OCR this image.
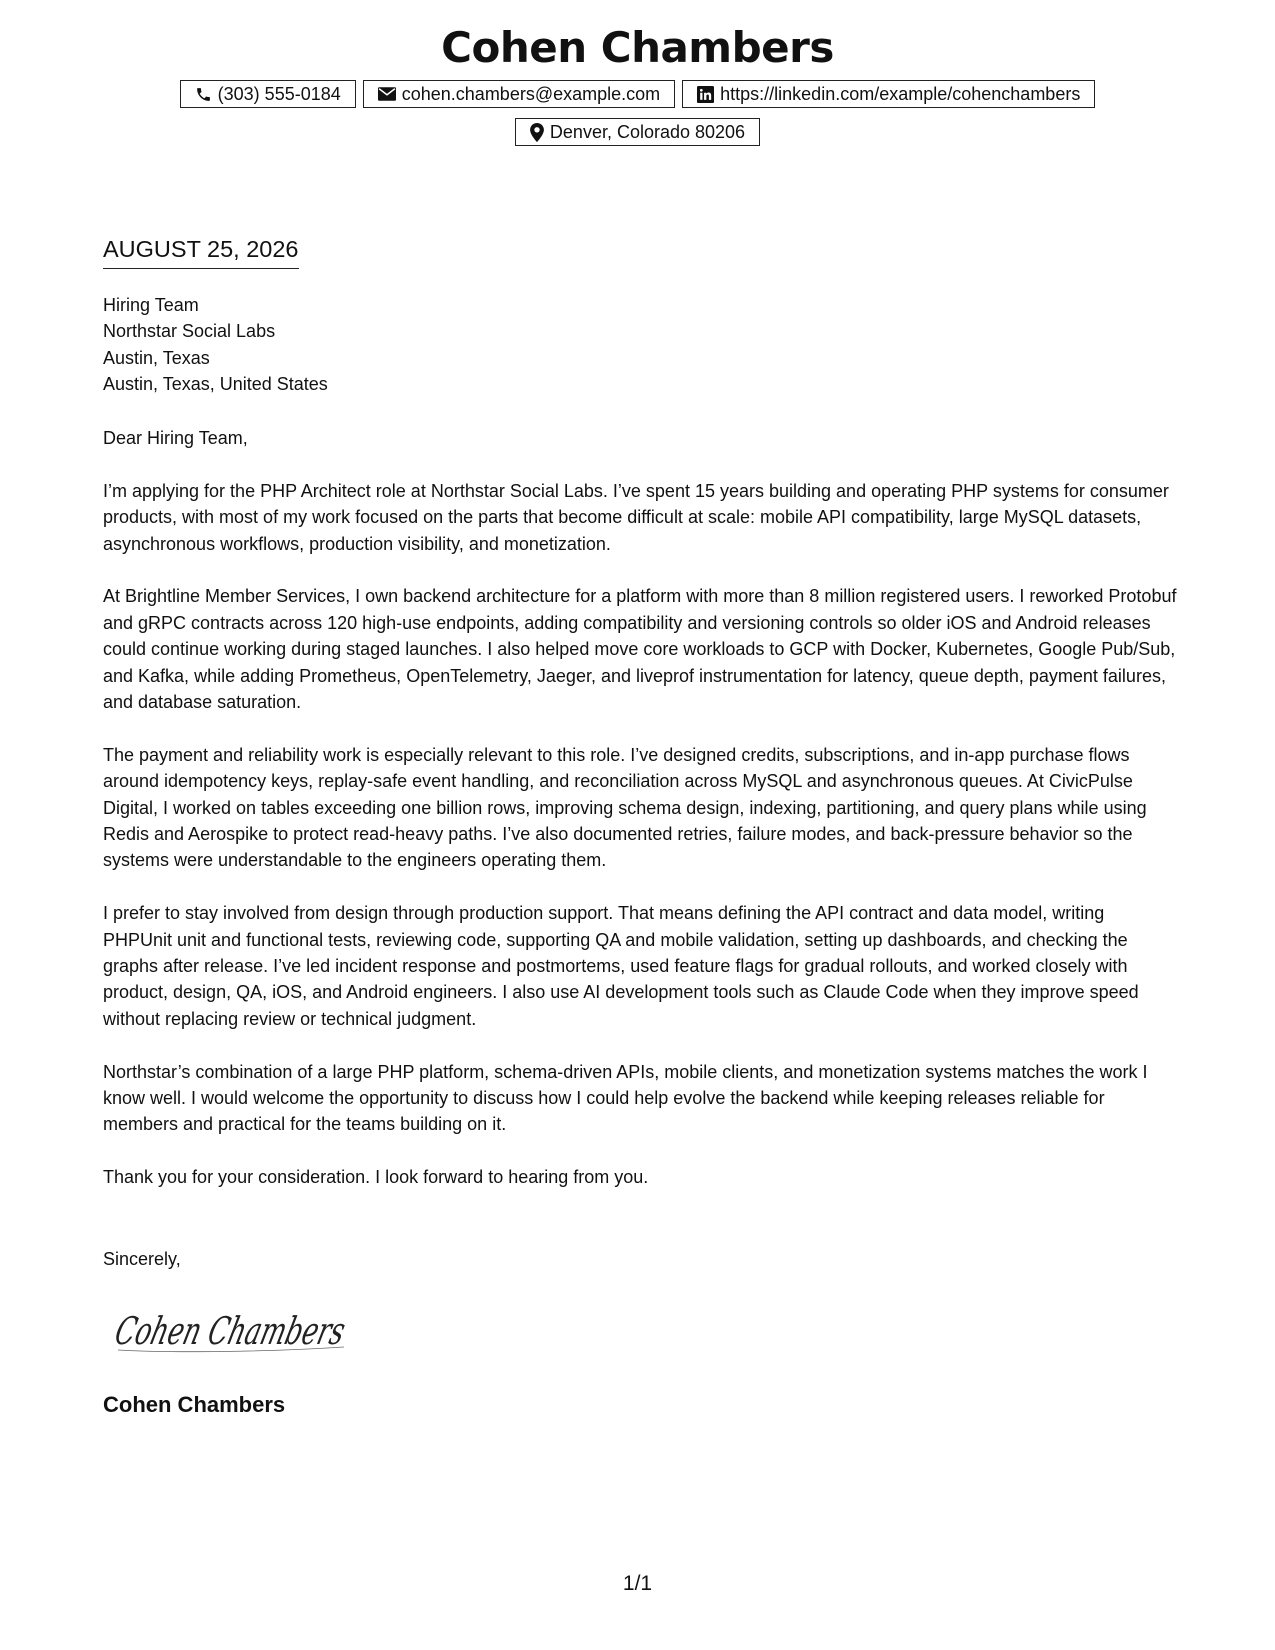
Cohen Chambers
(303) 555-0184	cohen.chambers@example.com	https://linkedin.com/example/cohenchambers
Denver, Colorado 80206
AUGUST 25, 2026
Hiring Team
Northstar Social Labs
Austin, Texas
Austin, Texas, United States

Dear Hiring Team,

I’m applying for the PHP Architect role at Northstar Social Labs. I’ve spent 15 years building and operating PHP systems for consumer products, with most of my work focused on the parts that become difficult at scale: mobile API compatibility, large MySQL datasets, asynchronous workflows, production visibility, and monetization.

At Brightline Member Services, I own backend architecture for a platform with more than 8 million registered users. I reworked Protobuf and gRPC contracts across 120 high-use endpoints, adding compatibility and versioning controls so older iOS and Android releases could continue working during staged launches. I also helped move core workloads to GCP with Docker, Kubernetes, Google Pub/Sub, and Kafka, while adding Prometheus, OpenTelemetry, Jaeger, and liveprof instrumentation for latency, queue depth, payment failures, and database saturation.

The payment and reliability work is especially relevant to this role. I’ve designed credits, subscriptions, and in-app purchase flows around idempotency keys, replay-safe event handling, and reconciliation across MySQL and asynchronous queues. At CivicPulse Digital, I worked on tables exceeding one billion rows, improving schema design, indexing, partitioning, and query plans while using Redis and Aerospike to protect read-heavy paths. I’ve also documented retries, failure modes, and back-pressure behavior so the systems were understandable to the engineers operating them.

I prefer to stay involved from design through production support. That means defining the API contract and data model, writing PHPUnit unit and functional tests, reviewing code, supporting QA and mobile validation, setting up dashboards, and checking the graphs after release. I’ve led incident response and postmortems, used feature flags for gradual rollouts, and worked closely with product, design, QA, iOS, and Android engineers. I also use AI development tools such as Claude Code when they improve speed without replacing review or technical judgment.

Northstar’s combination of a large PHP platform, schema-driven APIs, mobile clients, and monetization systems matches the work I know well. I would welcome the opportunity to discuss how I could help evolve the backend while keeping releases reliable for members and practical for the teams building on it.

Thank you for your consideration. I look forward to hearing from you.

Sincerely,
Cohen Chambers
Cohen Chambers
1/1
